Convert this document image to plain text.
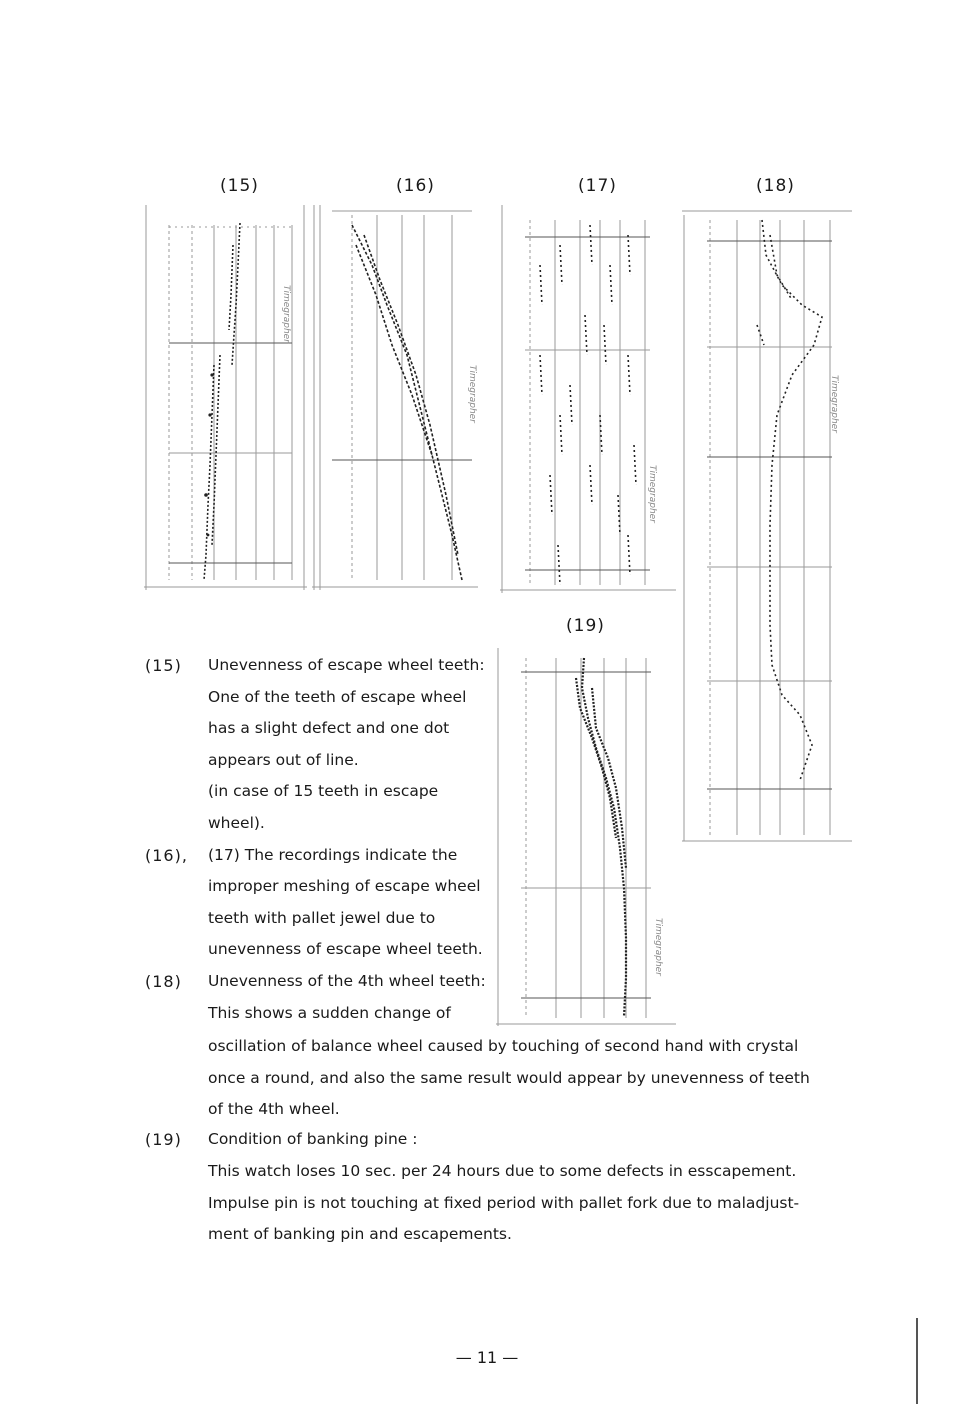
(15)	(16)	(17)	(18)
(19)
Timegrapher
Timegrapher
Timegrapher
Timegrapher
Timegrapher
(15) Unevenness of escape wheel teeth:
One of the teeth of escape wheel
has a slight defect and one dot
appears out of line.
(in case of 15 teeth in escape
wheel).
(16), (17) The recordings indicate the
improper meshing of escape wheel
teeth with pallet jewel due to
unevenness of escape wheel teeth.
(18) Unevenness of the 4th wheel teeth:
This shows a sudden change of
oscillation of balance wheel caused by touching of second hand with crystal
once a round, and also the same result would appear by unevenness of teeth
of the 4th wheel.
(19) Condition of banking pine :
This watch loses 10 sec. per 24 hours due to some defects in esscapement.
Impulse pin is not touching at fixed period with pallet fork due to maladjust-
ment of banking pin and escapements.
— 11 —
